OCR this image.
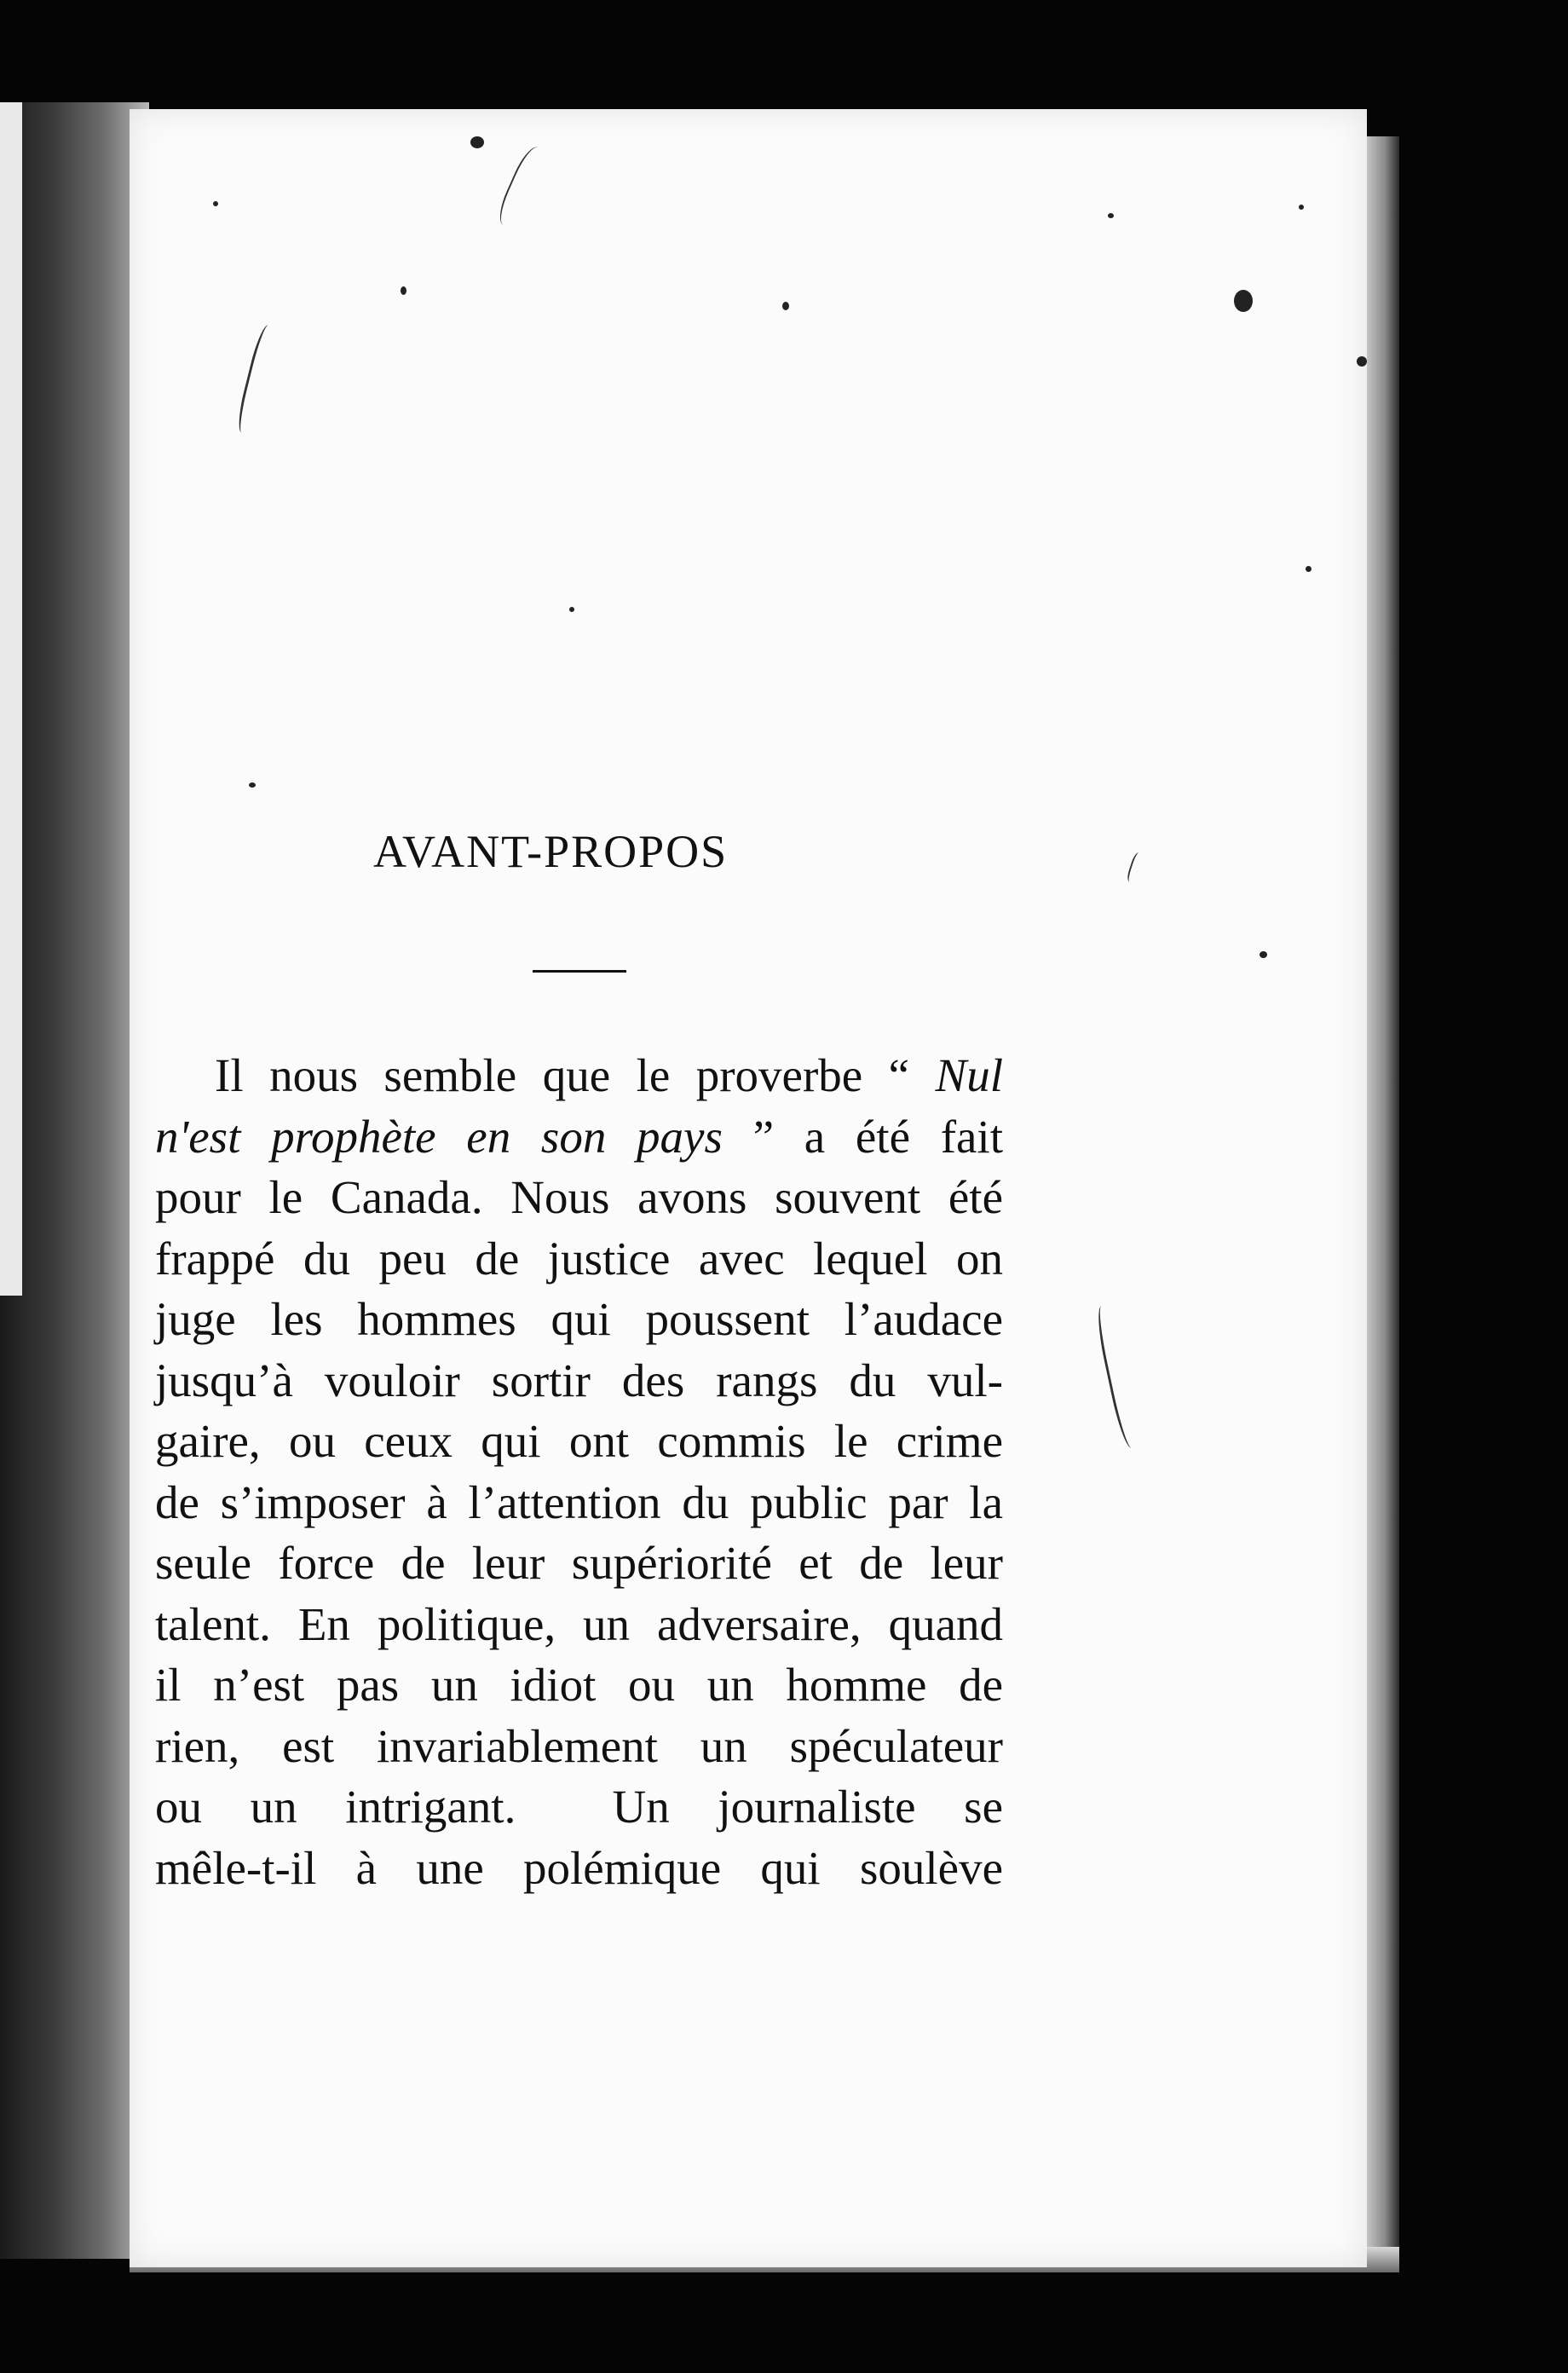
AVANT-PROPOS
Il nous semble que le proverbe “ Nul
n'est prophète en son pays ” a été fait
pour le Canada. Nous avons souvent été
frappé du peu de justice avec lequel on
juge les hommes qui poussent l’audace
jusqu’à vouloir sortir des rangs du vul-
gaire, ou ceux qui ont commis le crime
de s’imposer à l’attention du public par la
seule force de leur supériorité et de leur
talent. En politique, un adversaire, quand
il n’est pas un idiot ou un homme de
rien, est invariablement un spéculateur
ou un intrigant.  Un journaliste se
mêle-t-il à une polémique qui soulève
